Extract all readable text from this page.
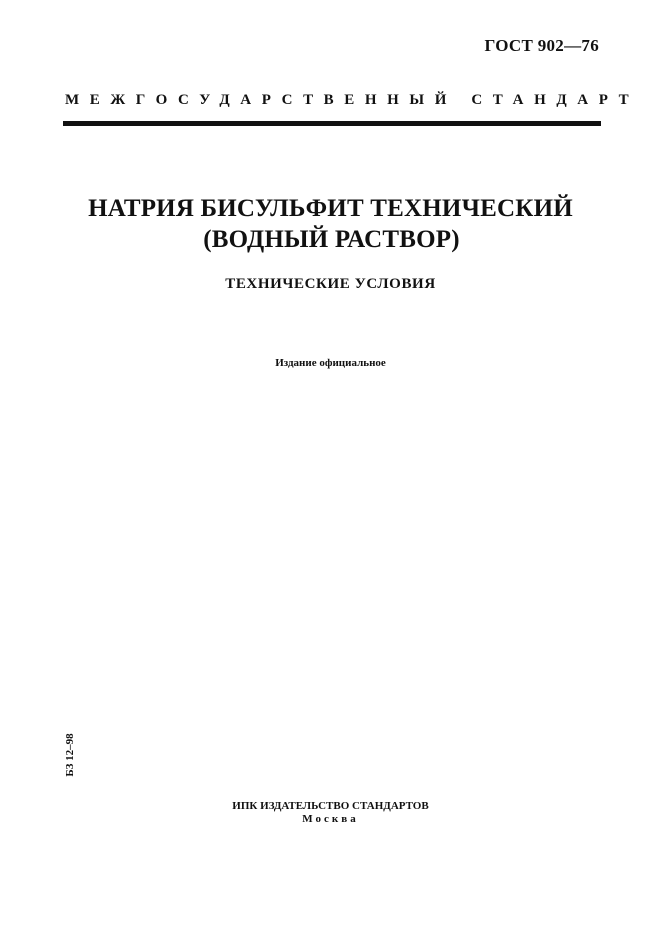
ГОСТ 902—76
МЕЖГОСУДАРСТВЕННЫЙ СТАНДАРТ
НАТРИЯ БИСУЛЬФИТ ТЕХНИЧЕСКИЙ
(ВОДНЫЙ РАСТВОР)
ТЕХНИЧЕСКИЕ УСЛОВИЯ
Издание официальное
БЗ 12–98
ИПК ИЗДАТЕЛЬСТВО СТАНДАРТОВ
Москва
